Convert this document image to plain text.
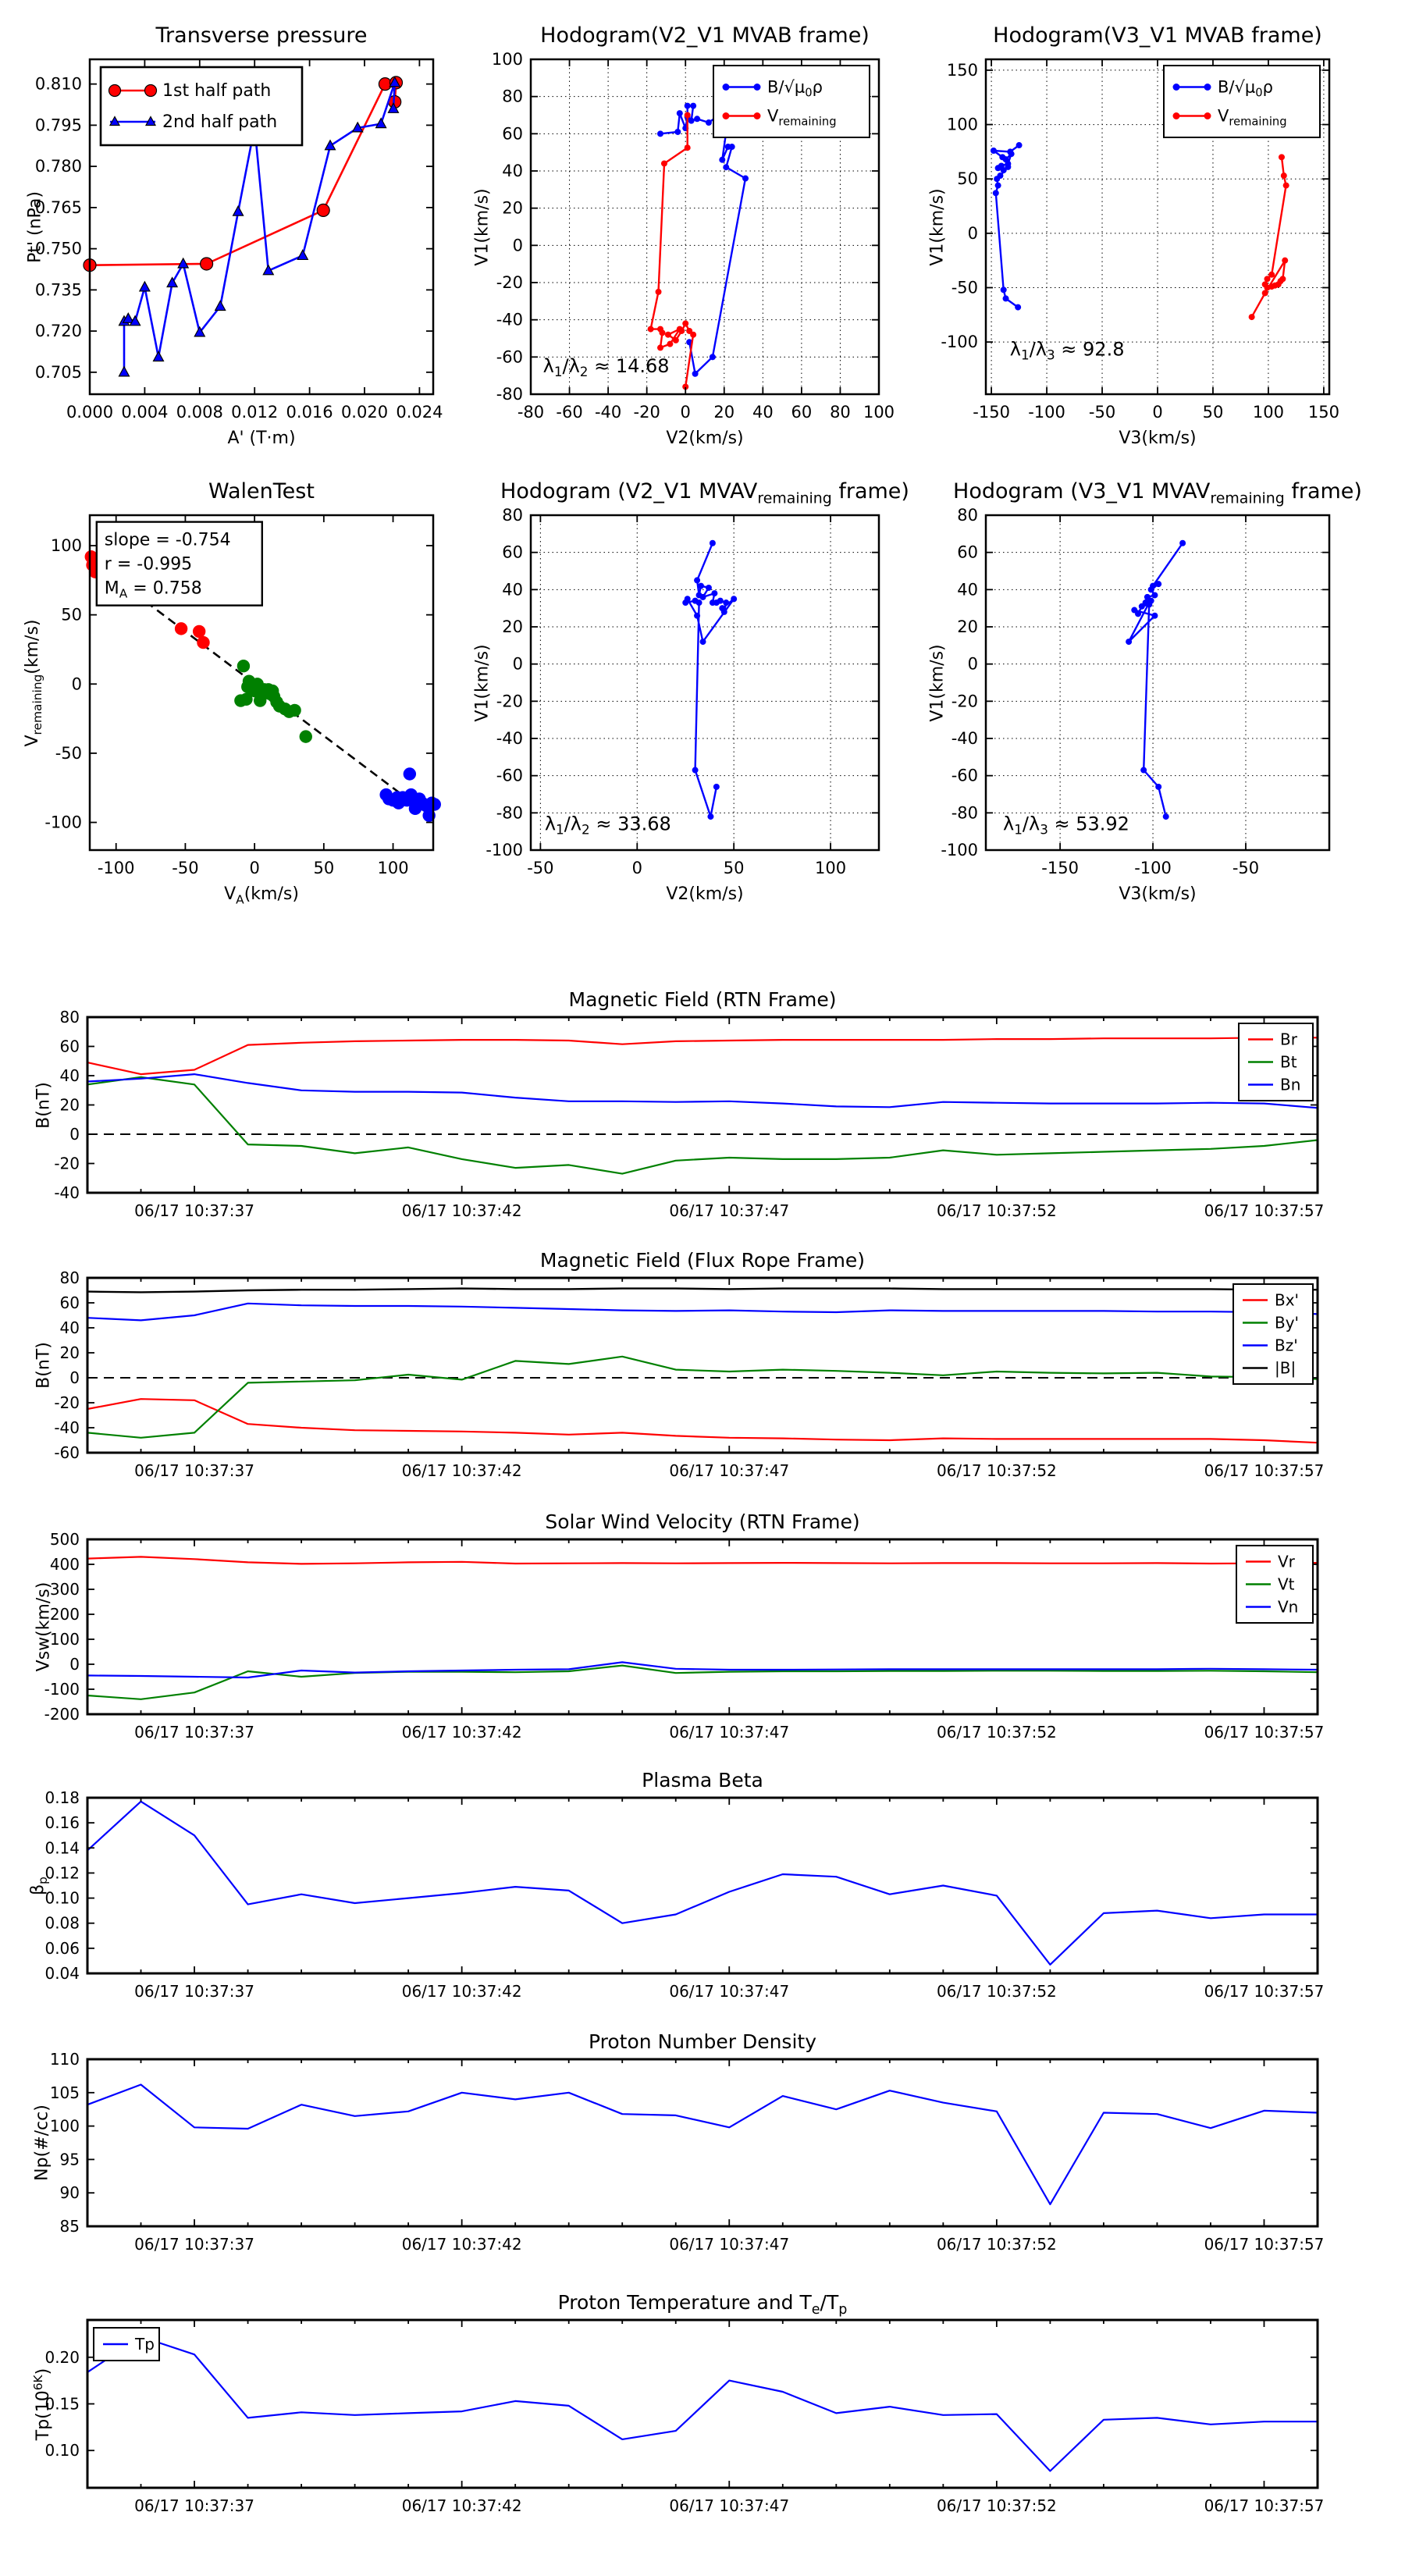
Transverse pressure
Pt' (nPa)
A' (T·m)
0.000 0.004 0.008 0.012 0.016 0.020 0.024
0.705
0.720
0.735
0.750
0.765
0.780
0.795
0.810	1st half path
2nd half path
Hodogram(V2_V1 MVAB frame)
V1(km/s)
V2(km/s)
-80 -60 -40 -20 0 20 40 60 80 100
-80
-60
-40
-20
0
20
40
60
80
100
$\lambda_1/\lambda_2 \approx 14.68$
$B/√\mu_0\rho$
$V_{remaining}$
Hodogram(V3_V1 MVAB frame)
V1(km/s)
V3(km/s)
-150 -100 -50 0 50 100 150
-100
-50
0
50
100
150
$\lambda_1/\lambda_3 \approx 92.8$
$B/√\mu_0\rho$
$V_{remaining}$
WalenTest
$V_{remaining}(km/s)$
$V_A(km/s)$
-100 -50	0	50	100
-100
-50
0
50
100 slope = -0.754
r = -0.995
$M_A = 0.758$
Hodogram (V2_V1 $MVAV_{remaining}$ frame)
V1(km/s)
V2(km/s)
-50	0	50	100
-100
-80
-60
-40
-20
0
20
40
60
80
$\lambda_1/\lambda_2 \approx 33.68$
Hodogram (V3_V1 $MVAV_{remaining}$ frame)
V1(km/s)
V3(km/s)
-150	-100	-50
-100
-80
-60
-40
-20
0
20
40
60
80
$\lambda_1/\lambda_3 \approx 53.92$
Magnetic Field (RTN Frame)
B(nT)
06/17 10:37:37	06/17 10:37:42	06/17 10:37:47	06/17 10:37:52	06/17 10:37:57
-40
-20
0
20
40
60
80
Br
Bt
Bn
Magnetic Field (Flux Rope Frame)
B(nT)
06/17 10:37:37	06/17 10:37:42	06/17 10:37:47	06/17 10:37:52	06/17 10:37:57
-60
-40
-20
0
20
40
60
80
Bx'
By'
Bz'
|B|
Solar Wind Velocity (RTN Frame)
Vsw(km/s)
06/17 10:37:37	06/17 10:37:42	06/17 10:37:47	06/17 10:37:52	06/17 10:37:57
-200
-100
0
100
200
300
400
500
Vr
Vt
Vn
Plasma Beta
$\beta_p$
06/17 10:37:37	06/17 10:37:42	06/17 10:37:47	06/17 10:37:52	06/17 10:37:57
0.04
0.06
0.08
0.10
0.12
0.14
0.16
0.18
Proton Number Density
Np(#/cc)
06/17 10:37:37	06/17 10:37:42	06/17 10:37:47	06/17 10:37:52	06/17 10:37:57
85
90
95
100
105
110
Proton Temperature and $T_e/T_p$
$Tp(10^{6K})$
06/17 10:37:37	06/17 10:37:42	06/17 10:37:47	06/17 10:37:52	06/17 10:37:57
0.10
0.15
0.20
Tp
